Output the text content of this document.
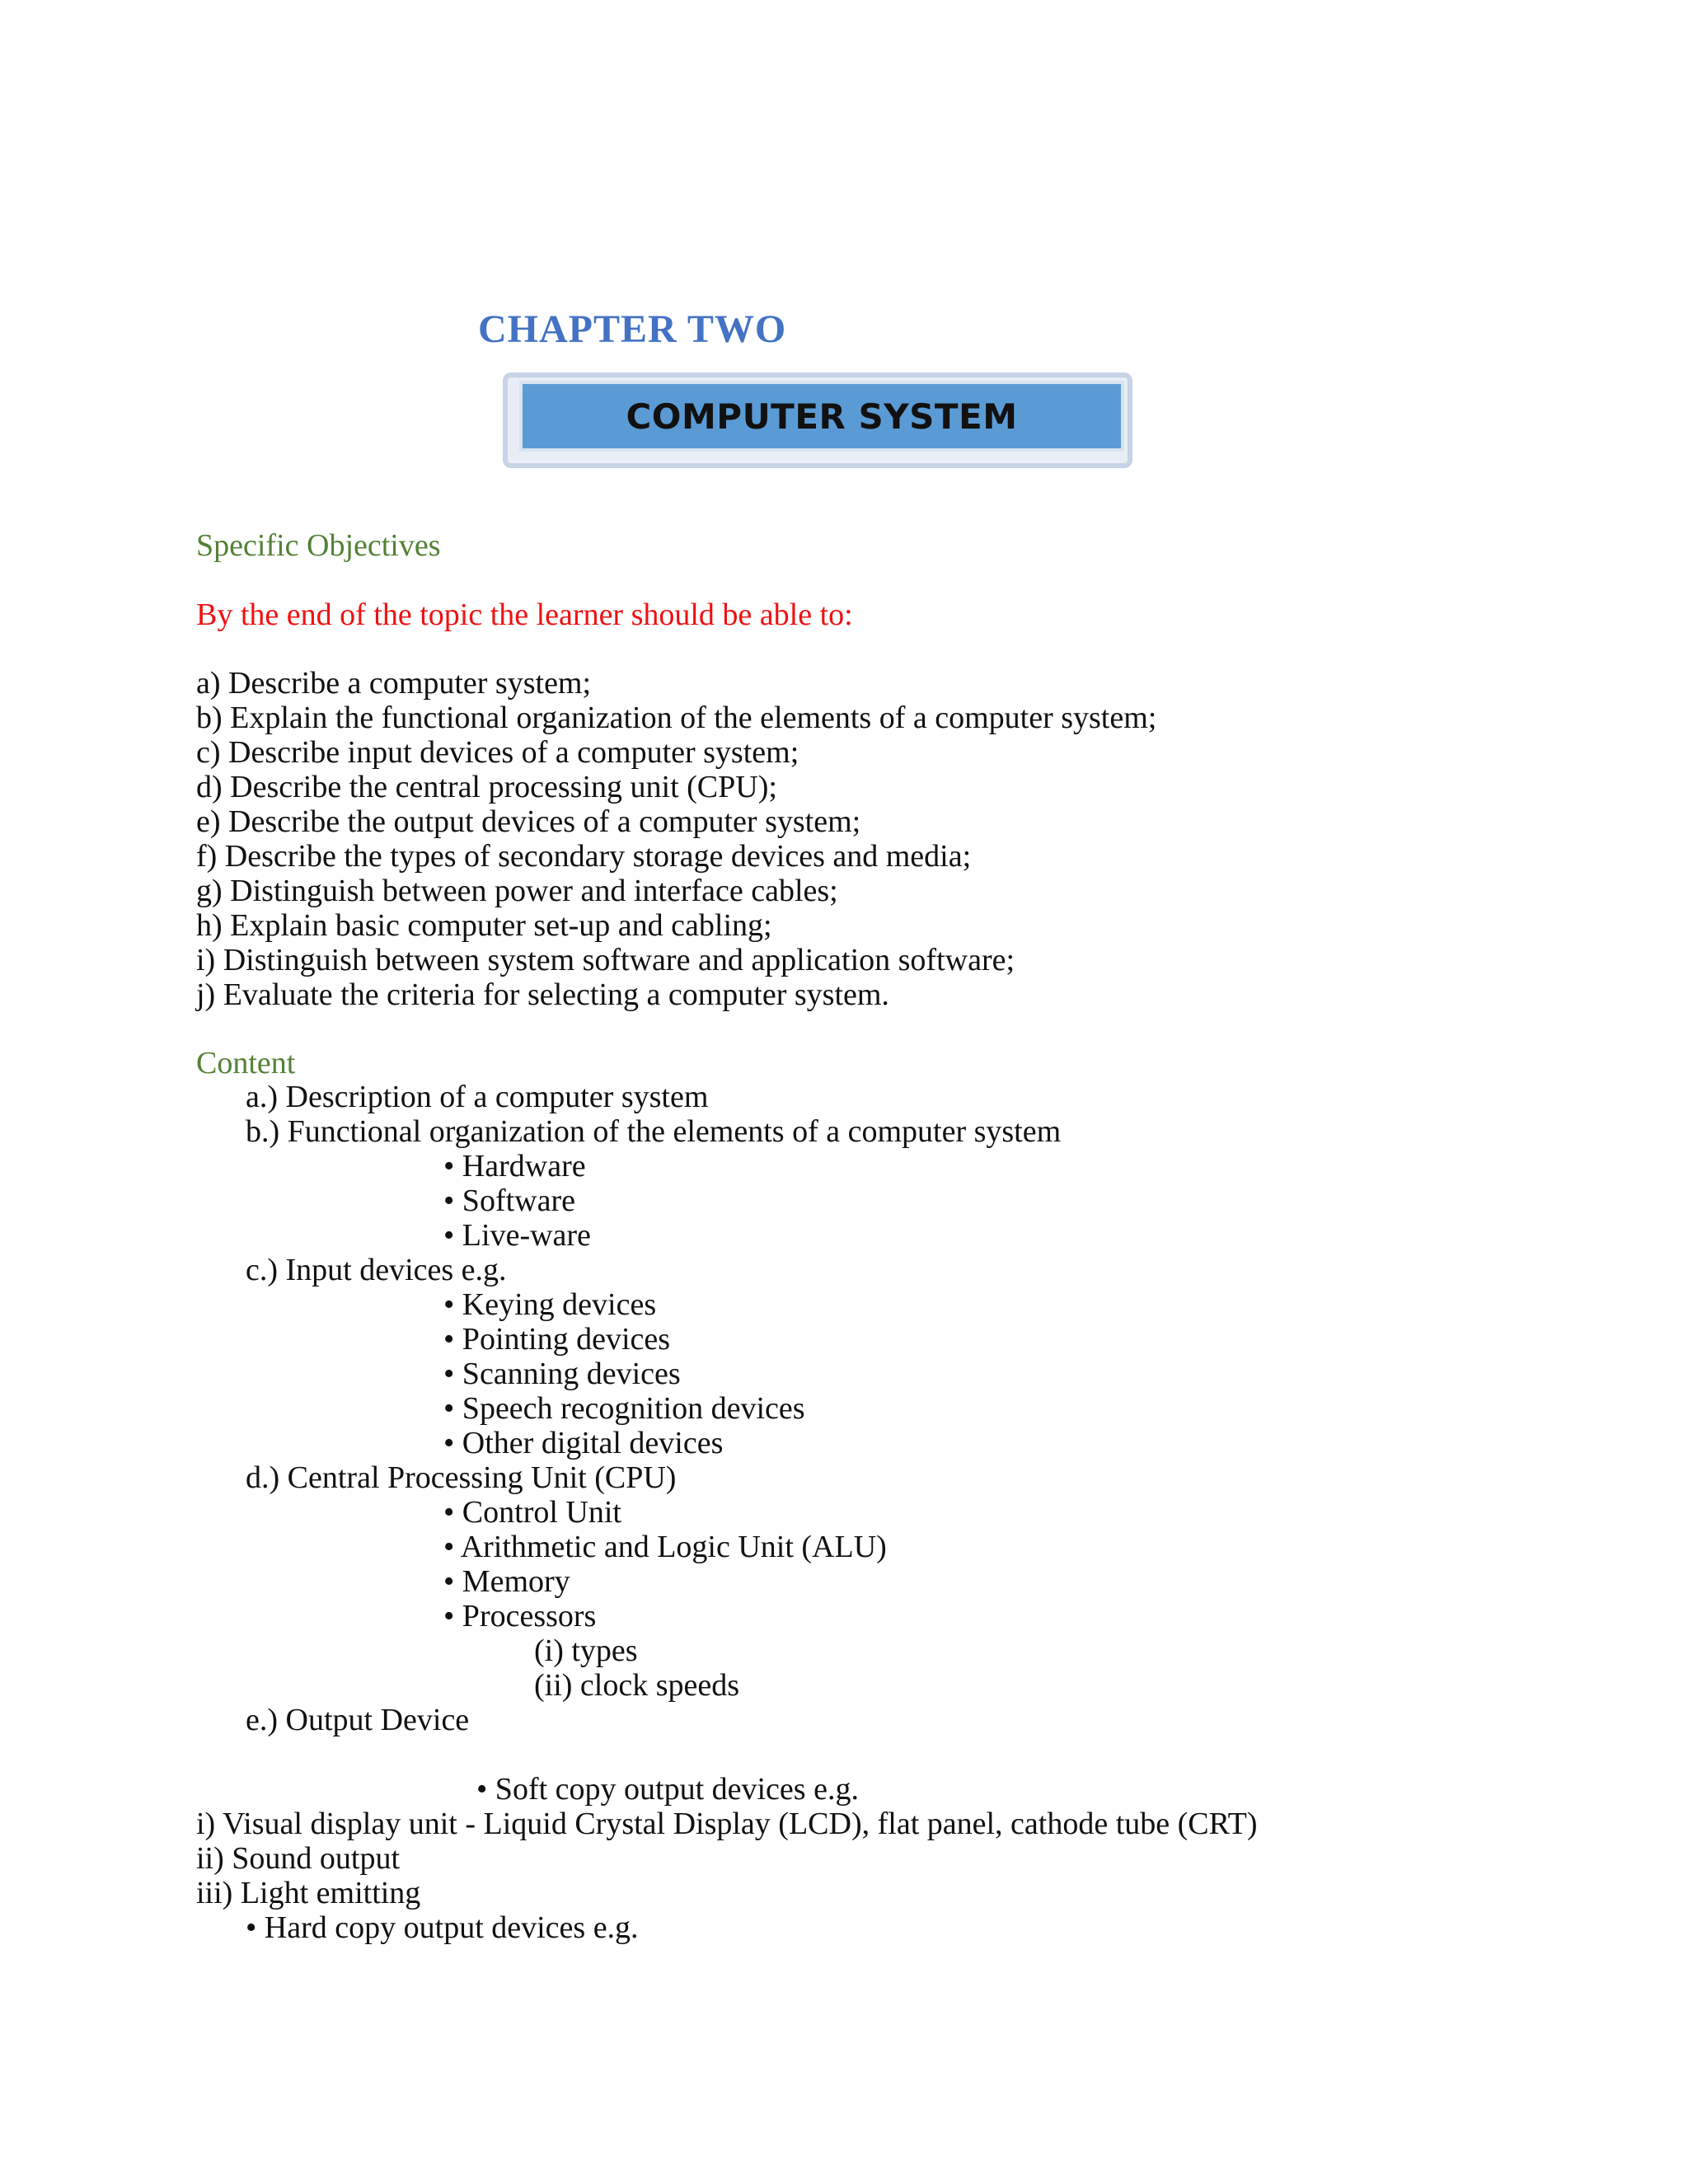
CHAPTER TWO
COMPUTER SYSTEM
Specific Objectives
By the end of the topic the learner should be able to:
a) Describe a computer system;
b) Explain the functional organization of the elements of a computer system;
c) Describe input devices of a computer system;
d) Describe the central processing unit (CPU);
e) Describe the output devices of a computer system;
f) Describe the types of secondary storage devices and media;
g) Distinguish between power and interface cables;
h) Explain basic computer set-up and cabling;
i) Distinguish between system software and application software;
j) Evaluate the criteria for selecting a computer system.
Content
a.) Description of a computer system
b.) Functional organization of the elements of a computer system
• Hardware
• Software
• Live-ware
c.) Input devices e.g.
• Keying devices
• Pointing devices
• Scanning devices
• Speech recognition devices
• Other digital devices
d.) Central Processing Unit (CPU)
• Control Unit
• Arithmetic and Logic Unit (ALU)
• Memory
• Processors
(i) types
(ii) clock speeds
e.) Output Device
• Soft copy output devices e.g.
i) Visual display unit - Liquid Crystal Display (LCD), flat panel, cathode tube (CRT)
ii) Sound output
iii) Light emitting
• Hard copy output devices e.g.
